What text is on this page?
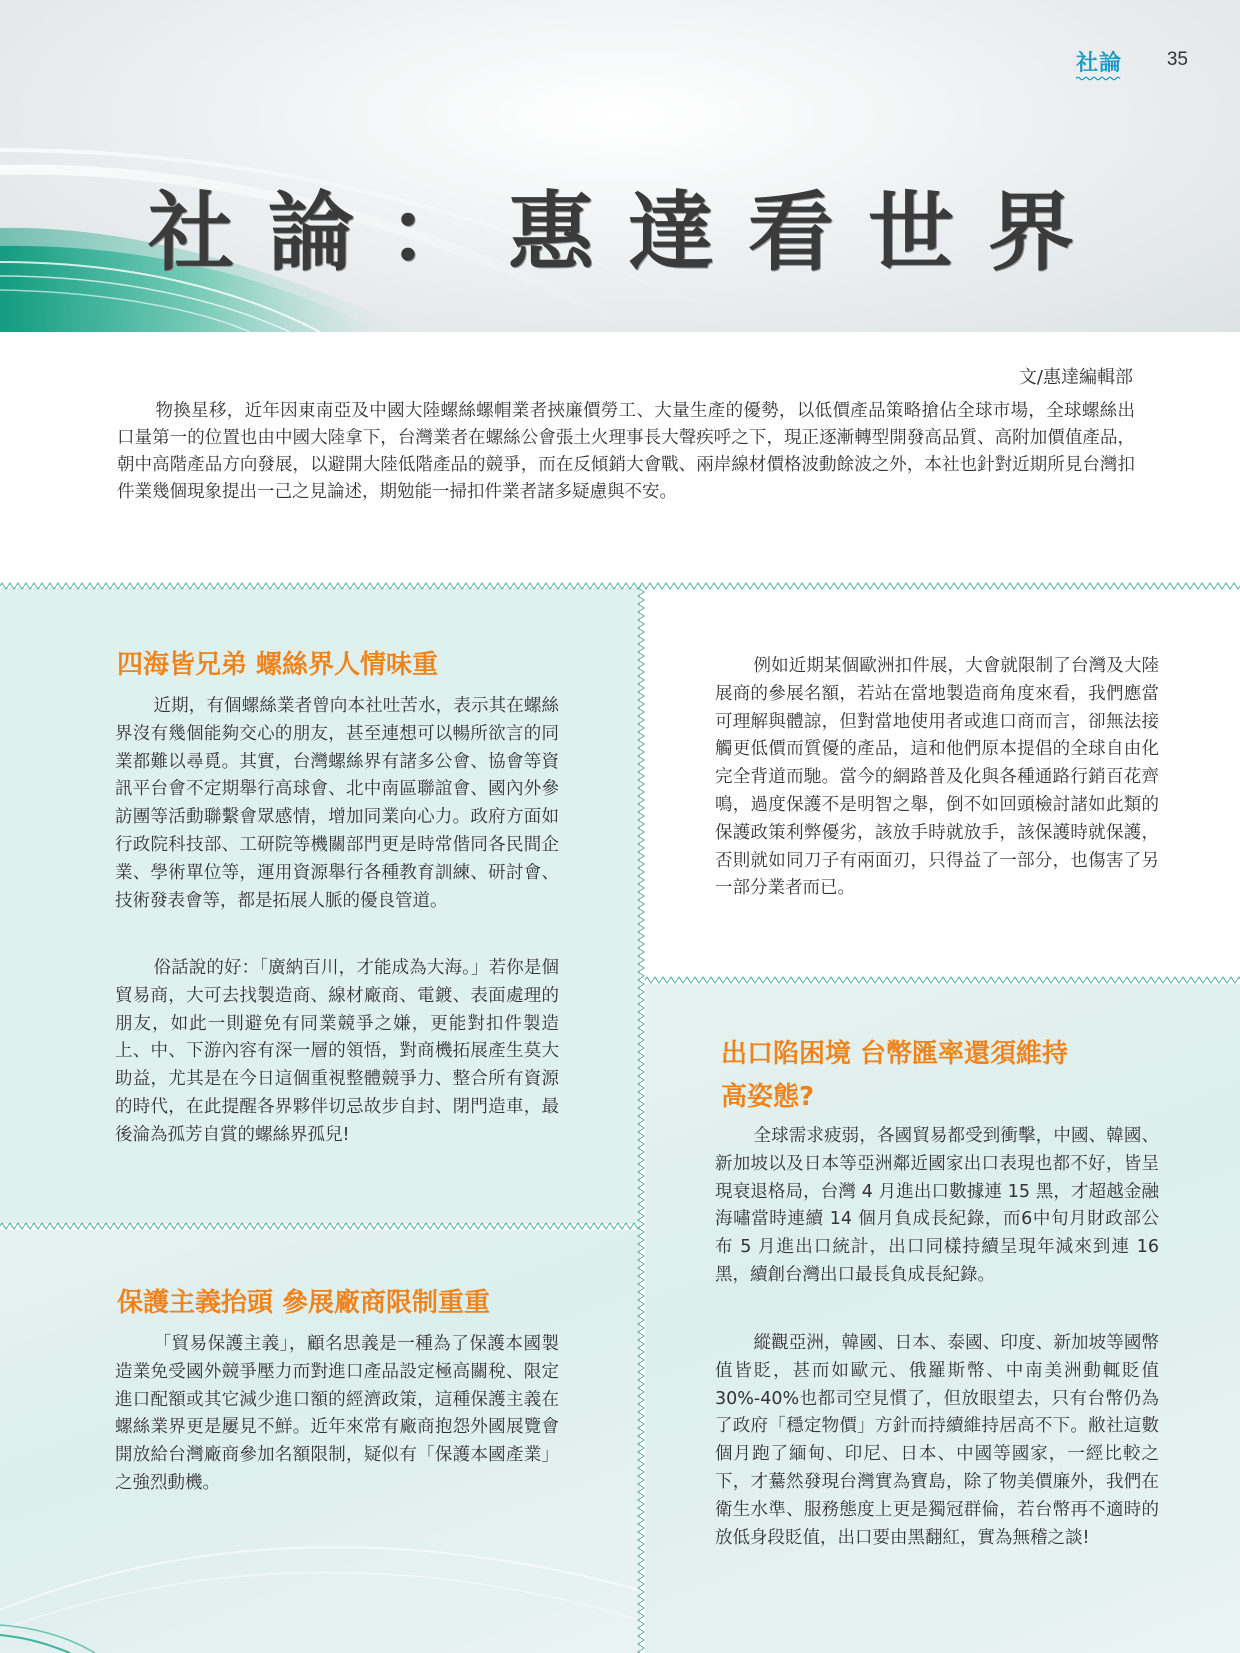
社論 35
社論：惠達看世界
文/惠達編輯部

物換星移，近年因東南亞及中國大陸螺絲螺帽業者挾廉價勞工、大量生產的優勢，以低價產品策略搶佔全球市場，全球螺絲出口量第一的位置也由中國大陸拿下，台灣業者在螺絲公會張土火理事長大聲疾呼之下，現正逐漸轉型開發高品質、高附加價值產品，朝中高階產品方向發展，以避開大陸低階產品的競爭，而在反傾銷大會戰、兩岸線材價格波動餘波之外，本社也針對近期所見台灣扣件業幾個現象提出一己之見論述，期勉能一掃扣件業者諸多疑慮與不安。

四海皆兄弟 螺絲界人情味重

近期，有個螺絲業者曾向本社吐苦水，表示其在螺絲界沒有幾個能夠交心的朋友，甚至連想可以暢所欲言的同業都難以尋覓。其實，台灣螺絲界有諸多公會、協會等資訊平台會不定期舉行高球會、北中南區聯誼會、國內外參訪團等活動聯繫會眾感情，增加同業向心力。政府方面如行政院科技部、工研院等機關部門更是時常偕同各民間企業、學術單位等，運用資源舉行各種教育訓練、研討會、技術發表會等，都是拓展人脈的優良管道。

俗話說的好：「廣納百川，才能成為大海。」若你是個貿易商，大可去找製造商、線材廠商、電鍍、表面處理的朋友，如此一則避免有同業競爭之嫌，更能對扣件製造上、中、下游內容有深一層的領悟，對商機拓展產生莫大助益，尤其是在今日這個重視整體競爭力、整合所有資源的時代，在此提醒各界夥伴切忌故步自封、閉門造車，最後淪為孤芳自賞的螺絲界孤兒!

保護主義抬頭 參展廠商限制重重

「貿易保護主義」，顧名思義是一種為了保護本國製造業免受國外競爭壓力而對進口產品設定極高關稅、限定進口配額或其它減少進口額的經濟政策，這種保護主義在螺絲業界更是屢見不鮮。近年來常有廠商抱怨外國展覽會開放給台灣廠商參加名額限制，疑似有「保護本國產業」之強烈動機。

例如近期某個歐洲扣件展，大會就限制了台灣及大陸展商的參展名額，若站在當地製造商角度來看，我們應當可理解與體諒，但對當地使用者或進口商而言，卻無法接觸更低價而質優的產品，這和他們原本提倡的全球自由化完全背道而馳。當今的網路普及化與各種通路行銷百花齊鳴，過度保護不是明智之舉，倒不如回頭檢討諸如此類的保護政策利弊優劣，該放手時就放手，該保護時就保護，否則就如同刀子有兩面刃，只得益了一部分，也傷害了另一部分業者而已。

出口陷困境 台幣匯率還須維持
高姿態?

全球需求疲弱，各國貿易都受到衝擊，中國、韓國、新加坡以及日本等亞洲鄰近國家出口表現也都不好，皆呈現衰退格局，台灣 4 月進出口數據連 15 黑，才超越金融海嘯當時連續 14 個月負成長紀錄，而6中旬月財政部公布 5 月進出口統計，出口同樣持續呈現年減來到連 16 黑，續創台灣出口最長負成長紀錄。

縱觀亞洲，韓國、日本、泰國、印度、新加坡等國幣值皆貶，甚而如歐元、俄羅斯幣、中南美洲動輒貶值30%-40%也都司空見慣了，但放眼望去，只有台幣仍為了政府「穩定物價」方針而持續維持居高不下。敝社這數個月跑了緬甸、印尼、日本、中國等國家，一經比較之下，才驀然發現台灣實為寶島，除了物美價廉外，我們在衛生水準、服務態度上更是獨冠群倫，若台幣再不適時的放低身段貶值，出口要由黑翻紅，實為無稽之談!
